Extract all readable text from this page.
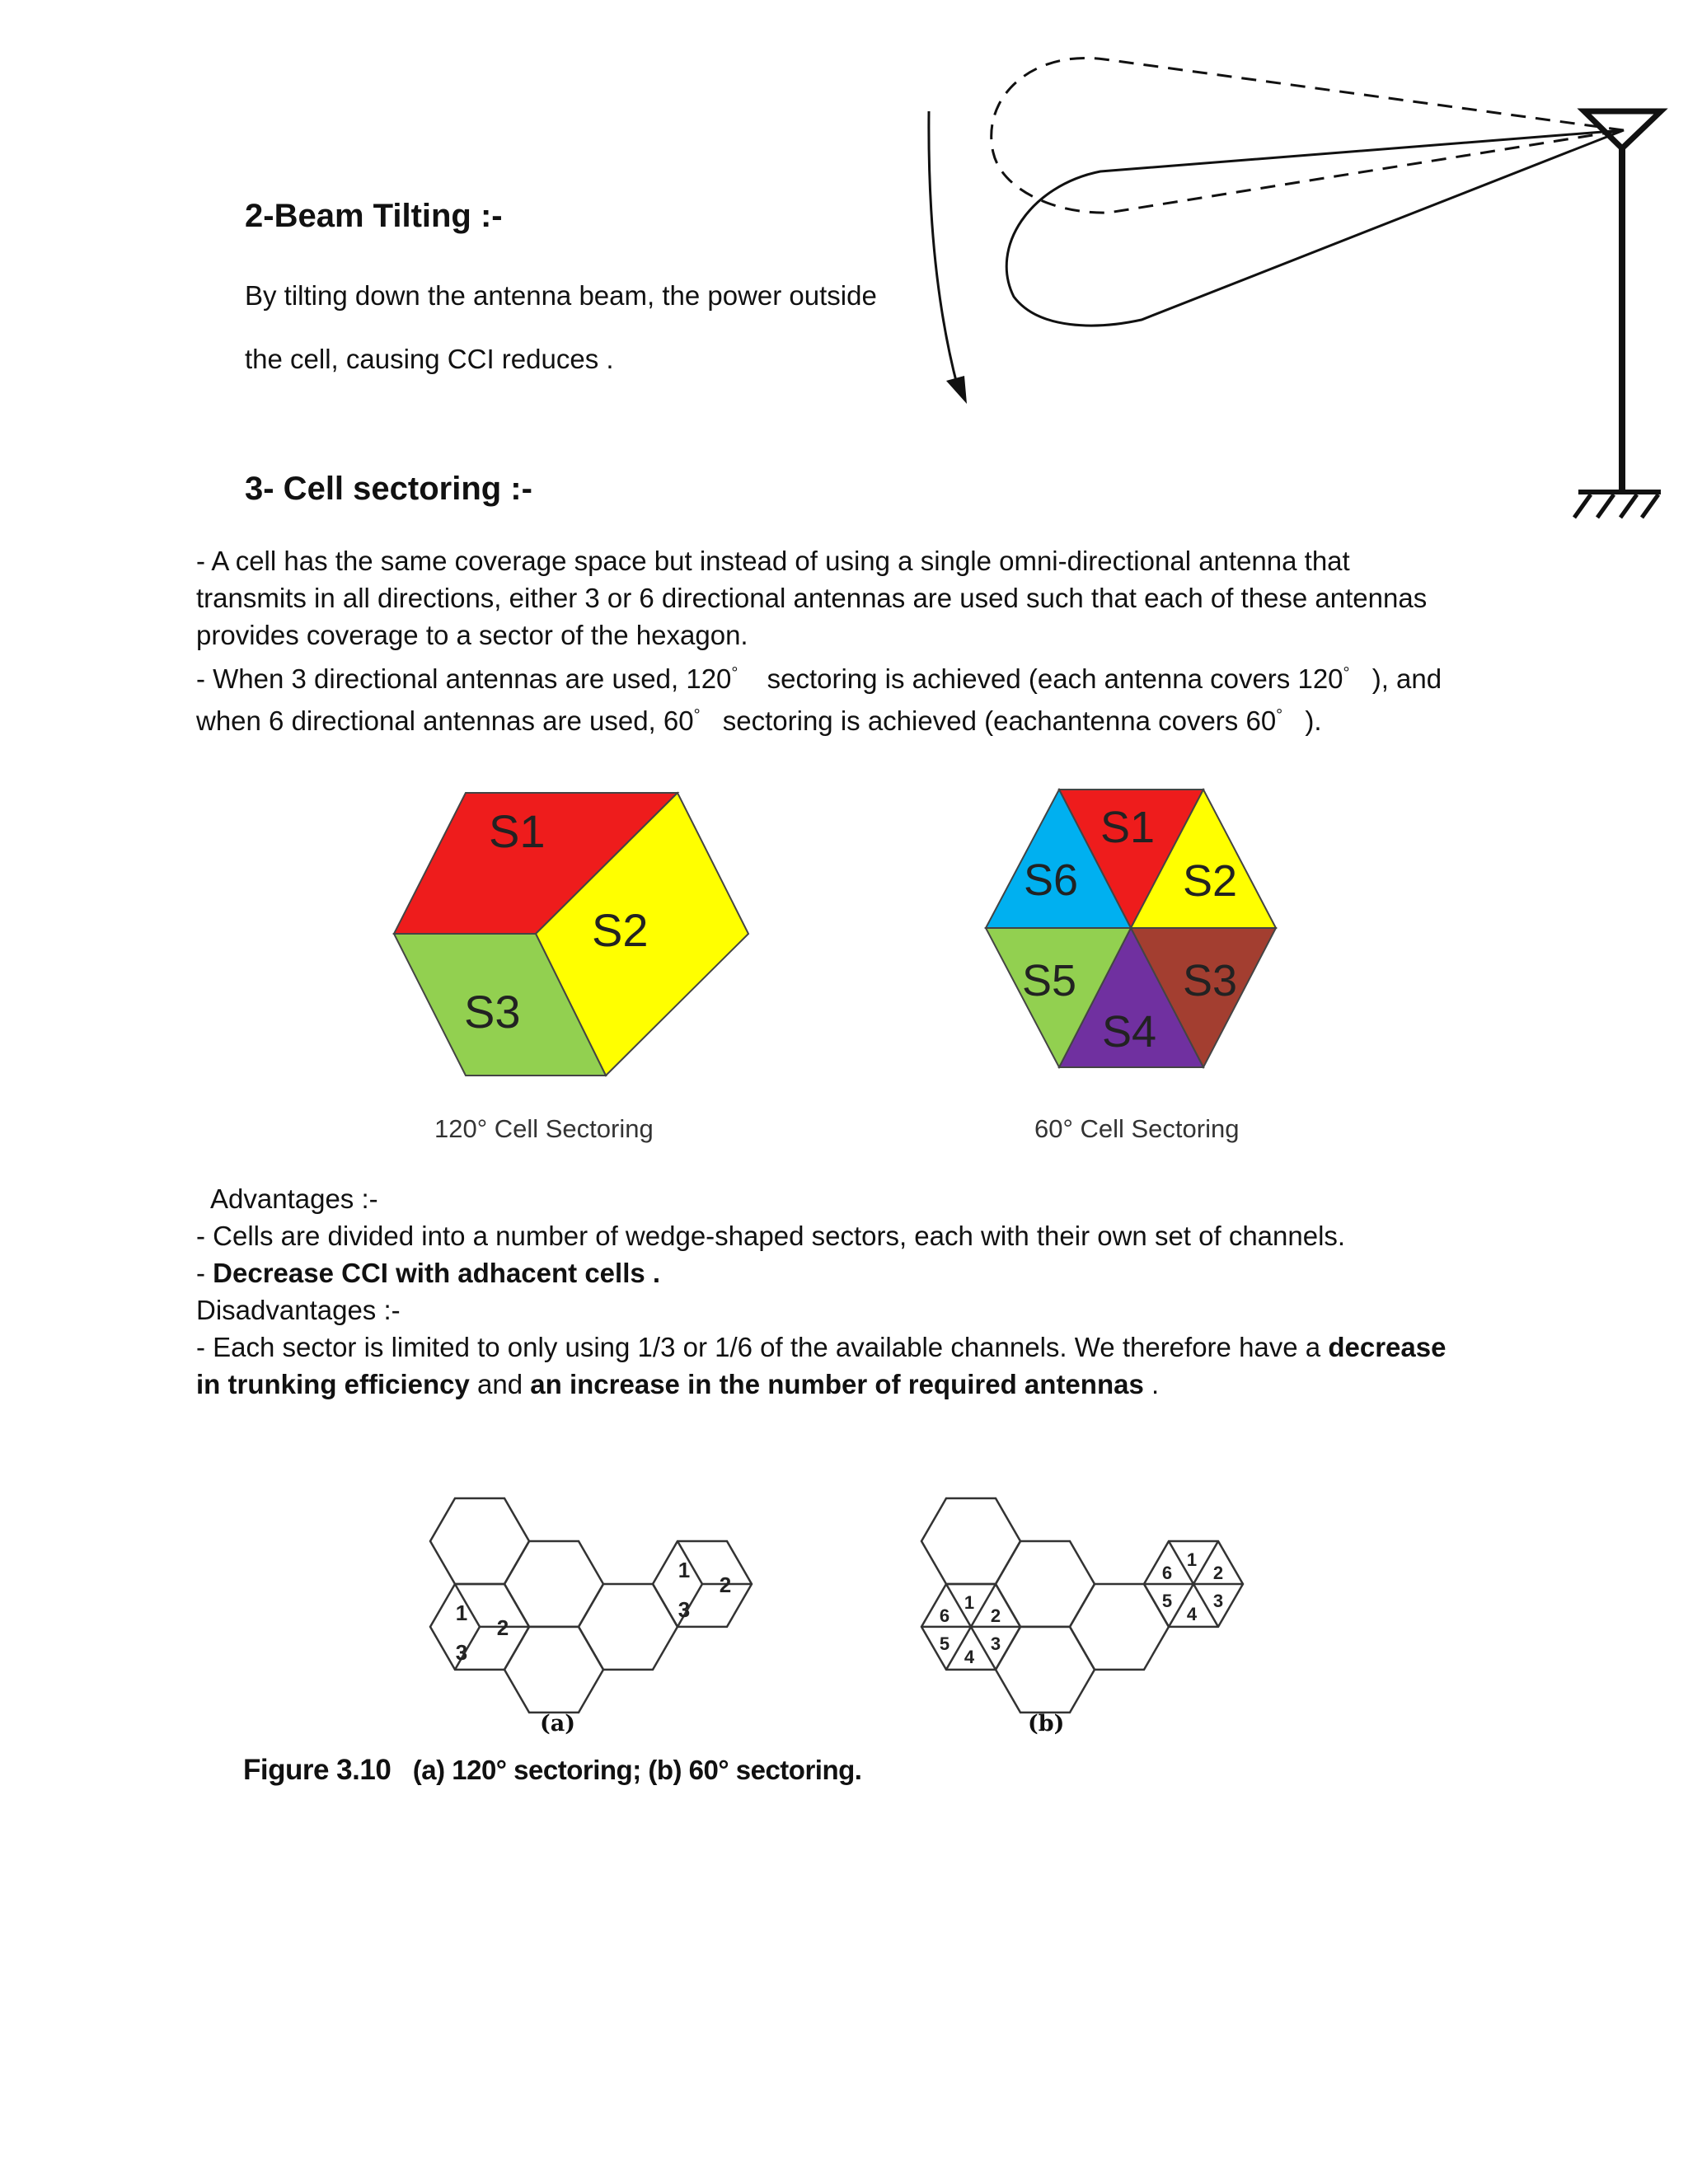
2-Beam Tilting :-
By tilting down the antenna beam, the power outside
the cell, causing CCI reduces .
3- Cell sectoring :-
- A cell has the same coverage space but instead of using a single omni-directional antenna that
transmits in all directions, either 3 or 6 directional antennas are used such that each of these antennas
provides coverage to a sector of the hexagon.
- When 3 directional antennas are used, 120° sectoring is achieved (each antenna covers 120° ), and
when 6 directional antennas are used, 60° sectoring is achieved (eachantenna covers 60° ).
S1
S2
S3
S1
S2
S3
S4
S5
S6
120° Cell Sectoring	60° Cell Sectoring
Advantages :-
- Cells are divided into a number of wedge-shaped sectors, each with their own set of channels.
- Decrease CCI with adhacent cells .
Disadvantages :-
- Each sector is limited to only using 1/3 or 1/6 of the available channels. We therefore have a decrease
in trunking efficiency and an increase in the number of required antennas .
1
2
3
1
2
3	1
2
3
4
5
6
1
2
3
4
5
6
(a)	(b)
Figure 3.10 (a) 120° sectoring; (b) 60° sectoring.
